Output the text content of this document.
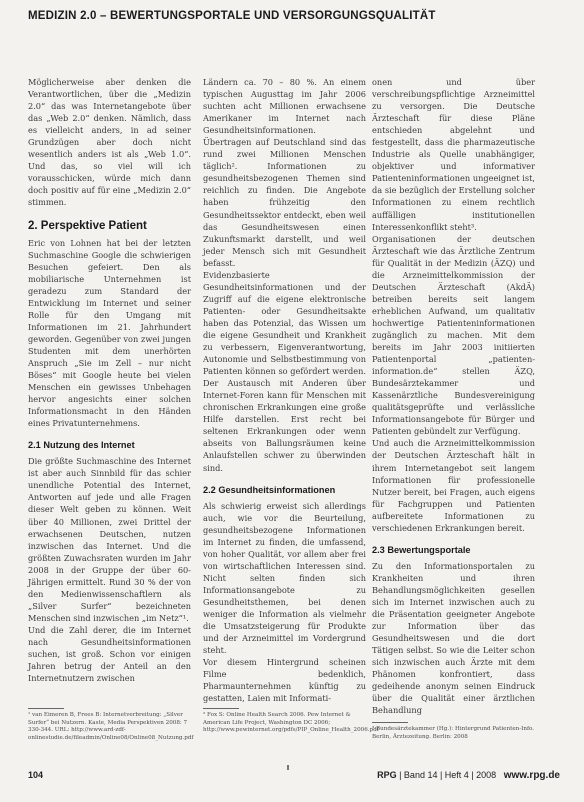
MEDIZIN 2.0 – BEWERTUNGSPORTALE UND VERSORGUNGSQUALITÄT

Möglicherweise aber denken die Verantwortlichen, über die „Medizin 2.0“ das was Internetangebote über das „Web 2.0“ denken. Nämlich, dass es vielleicht anders, in ad seiner Grundzügen aber doch nicht wesentlich anders ist als „Web 1.0“. Und das, so viel will ich vorausschicken, würde mich dann doch positiv auf für eine „Medizin 2.0“ stimmen.

2. Perspektive Patient

Eric von Lohnen hat bei der letzten Suchmaschine Google die schwierigen Besuchen gefeiert. Den als mobiliarische Unternehmen ist geradezu zum Standard der Entwicklung im Internet und seiner Rolle für den Umgang mit Informationen im 21. Jahrhundert geworden. Gegenüber von zwei jungen Studenten mit dem unerhörten Anspruch „Sie im Zell – nur nicht Böses“ mit Google heute bei vielen Menschen ein gewisses Unbehagen hervor angesichts einer solchen Informationsmacht in den Händen eines Privatunternehmens.

2.1 Nutzung des Internet

Die größte Suchmaschine des Internet ist aber auch Sinnbild für das schier unendliche Potential des Internet, Antworten auf jede und alle Fragen dieser Welt geben zu können. Weit über 40 Millionen, zwei Drittel der erwachsenen Deutschen, nutzen inzwischen das Internet. Und die größten Zuwachsraten wurden im Jahr 2008 in der Gruppe der über 60-Jährigen ermittelt. Rund 30 % der von den Medienwissenschaftlern als „Silver Surfer“ bezeichneten Menschen sind inzwischen „im Netz“¹.

Und die Zahl derer, die im Internet nach Gesundheitsinformationen suchen, ist groß. Schon vor einigen Jahren betrug der Anteil an den Internetnutzern zwischen

Ländern ca. 70 – 80 %. An einem typischen Augusttag im Jahr 2006 suchten acht Millionen erwachsene Amerikaner im Internet nach Gesundheitsinformationen. Übertragen auf Deutschland sind das rund zwei Millionen Menschen täglich². Informationen zu gesundheitsbezogenen Themen sind reichlich zu finden. Die Angebote haben frühzeitig den Gesundheitssektor entdeckt, eben weil das Gesundheitswesen einen Zukunftsmarkt darstellt, und weil jeder Mensch sich mit Gesundheit befasst.

Evidenzbasierte Gesundheitsinformationen und der Zugriff auf die eigene elektronische Patienten- oder Gesundheitsakte haben das Potenzial, das Wissen um die eigene Gesundheit und Krankheit zu verbessern, Eigenverantwortung, Autonomie und Selbstbestimmung von Patienten können so gefördert werden. Der Austausch mit Anderen über Internet-Foren kann für Menschen mit chronischen Erkrankungen eine große Hilfe darstellen. Erst recht bei seltenen Erkrankungen oder wenn abseits von Ballungsräumen keine Anlaufstellen schwer zu überwinden sind.

2.2 Gesundheitsinformationen

Als schwierig erweist sich allerdings auch, wie vor die Beurteilung, gesundheitsbezogene Informationen im Internet zu finden, die umfassend, von hoher Qualität, vor allem aber frei von wirtschaftlichen Interessen sind. Nicht selten finden sich Informationsangebote zu Gesundheitsthemen, bei denen weniger die Information als vielmehr die Umsatzsteigerung für Produkte und der Arzneimittel im Vordergrund steht.

Vor diesem Hintergrund scheinen Filme bedenklich, Pharmaunternehmen künftig zu gestatten, Laien mit Informati-

onen und über verschreibungspflichtige Arzneimittel zu versorgen. Die Deutsche Ärzteschaft für diese Pläne entschieden abgelehnt und festgestellt, dass die pharmazeutische Industrie als Quelle unabhängiger, objektiver und informativer Patienteninformationen ungeeignet ist, da sie bezüglich der Erstellung solcher Informationen zu einem rechtlich auffälligen institutionellen Interessenkonflikt steht³.

Organisationen der deutschen Ärzteschaft wie das Ärztliche Zentrum für Qualität in der Medizin (ÄZQ) und die Arzneimittelkommission der Deutschen Ärzteschaft (AkdÄ) betreiben bereits seit langem erheblichen Aufwand, um qualitativ hochwertige Patienteninformationen zugänglich zu machen. Mit dem bereits im Jahr 2003 initiierten Patientenportal „patienten-information.de“ stellen ÄZQ, Bundesärztekammer und Kassenärztliche Bundesvereinigung qualitätsgeprüfte und verlässliche Informationsangebote für Bürger und Patienten gebündelt zur Verfügung.

Und auch die Arzneimittelkommission der Deutschen Ärzteschaft hält in ihrem Internetangebot seit langem Informationen für professionelle Nutzer bereit, bei Fragen, auch eigens für Fachgruppen und Patienten aufbereitete Informationen zu verschiedenen Erkrankungen bereit.

2.3 Bewertungsportale

Zu den Informationsportalen zu Krankheiten und ihren Behandlungsmöglichkeiten gesellen sich im Internet inzwischen auch zu die Präsentation geeigneter Angebote zur Information über das Gesundheitswesen und die dort Tätigen selbst. So wie die Leiter schon sich inzwischen auch Ärzte mit dem Phänomen konfrontiert, dass gedeihende anonym seinen Eindruck über die Qualität einer ärztlichen Behandlung

¹ van Eimeren B, Frees B: Internetverbreitung: „Silver Surfer“ bei Nutzern. Kaste, Media Perspektiven 2008: 7 330-344. URL: http://www.ard-zdf-onlinestudie.de/fileadmin/Online08/Online08_Nutzung.pdf
² Fox S: Online Health Search 2006. Pew Internet & American Life Project, Washington DC 2006; http://www.pewinternet.org/pdfs/PIP_Online_Health_2006.pdf
³ Bundesärztekammer (Hg.): Hintergrund Patienten-Info. Berlin, Ärztezeitung. Berlin: 2008
104	RPG | Band 14 | Heft 4 | 2008   www.rpg.de
